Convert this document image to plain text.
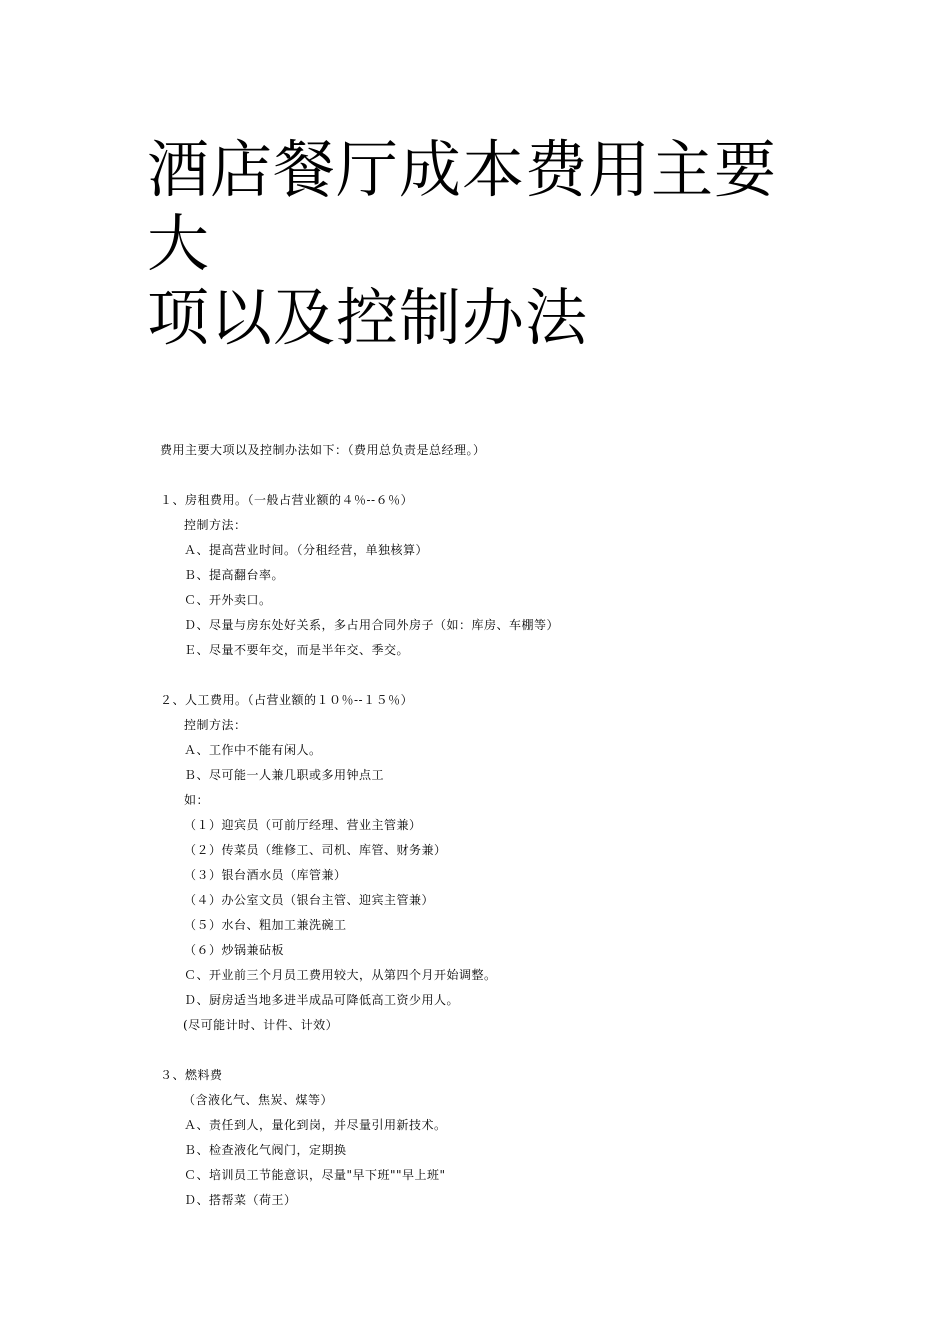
酒店餐厅成本费用主要大
项以及控制办法
费用主要大项以及控制办法如下：（费用总负责是总经理。）
１、房租费用。（一般占营业额的４％--６％）
控制方法：
Ａ、提高营业时间。（分租经营，单独核算）
Ｂ、提高翻台率。
Ｃ、开外卖口。
Ｄ、尽量与房东处好关系，多占用合同外房子（如：库房、车棚等）
Ｅ、尽量不要年交，而是半年交、季交。
２、人工费用。（占营业额的１０％--１５％）
控制方法：
Ａ、工作中不能有闲人。
Ｂ、尽可能一人兼几职或多用钟点工
如：
（１）迎宾员（可前厅经理、营业主管兼）
（２）传菜员（维修工、司机、库管、财务兼）
（３）银台酒水员（库管兼）
（４）办公室文员（银台主管、迎宾主管兼）
（５）水台、粗加工兼洗碗工
（６）炒锅兼砧板
Ｃ、开业前三个月员工费用较大，从第四个月开始调整。
Ｄ、厨房适当地多进半成品可降低高工资少用人。
(尽可能计时、计件、计效）
３、燃料费
（含液化气、焦炭、煤等）
Ａ、责任到人，量化到岗，并尽量引用新技术。
Ｂ、检查液化气阀门，定期换
Ｃ、培训员工节能意识，尽量"早下班""早上班"
Ｄ、搭帮菜（荷王）
